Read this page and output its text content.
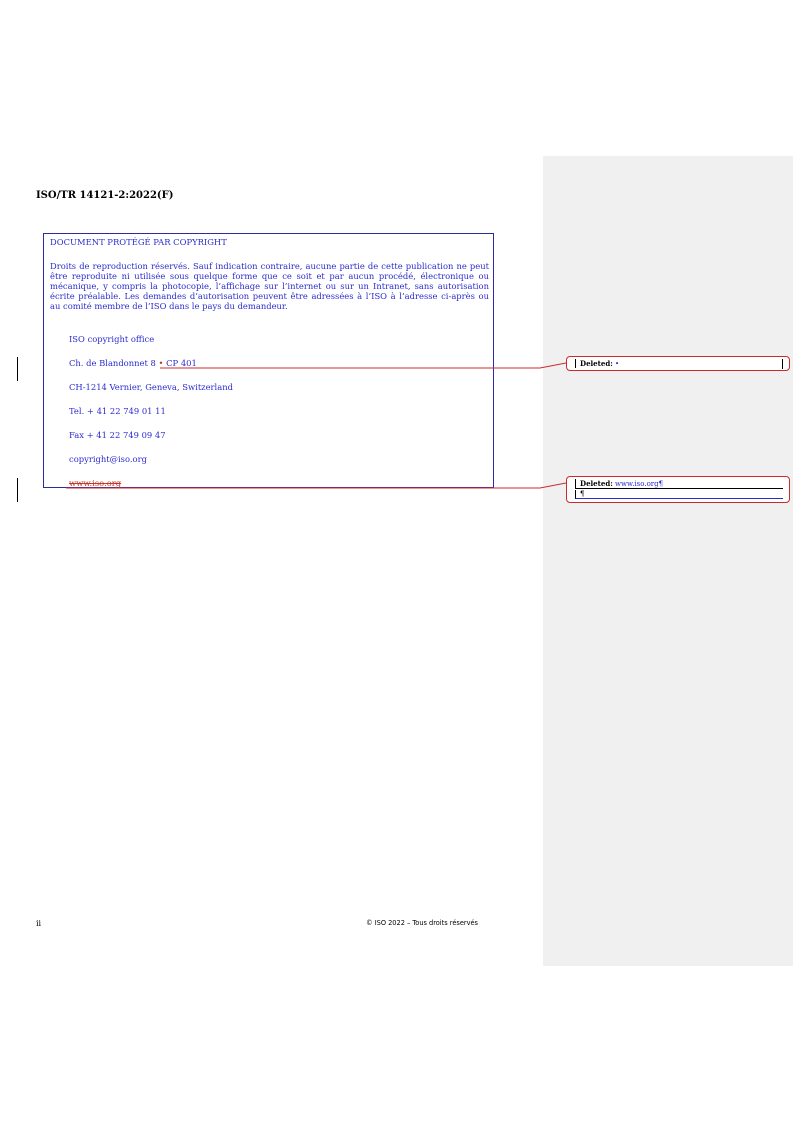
ISO/TR 14121-2:2022(F)
DOCUMENT PROTÉGÉ PAR COPYRIGHT

Droits de reproduction réservés. Sauf indication contraire, aucune partie de cette publication ne peut être reproduite ni utilisée sous quelque forme que ce soit et par aucun procédé, électronique ou mécanique, y compris la photocopie, l’affichage sur l’internet ou sur un Intranet, sans autorisation écrite préalable. Les demandes d’autorisation peuvent être adressées à l’ISO à l’adresse ci-après ou au comité membre de l’ISO dans le pays du demandeur.

ISO copyright office
Ch. de Blandonnet 8 • CP 401
CH-1214 Vernier, Geneva, Switzerland
Tel. + 41 22 749 01 11
Fax + 41 22 749 09 47
copyright@iso.org
www.iso.org
Deleted: •
Deleted: www.iso.org¶
¶
ii	© ISO 2022 – Tous droits réservés
